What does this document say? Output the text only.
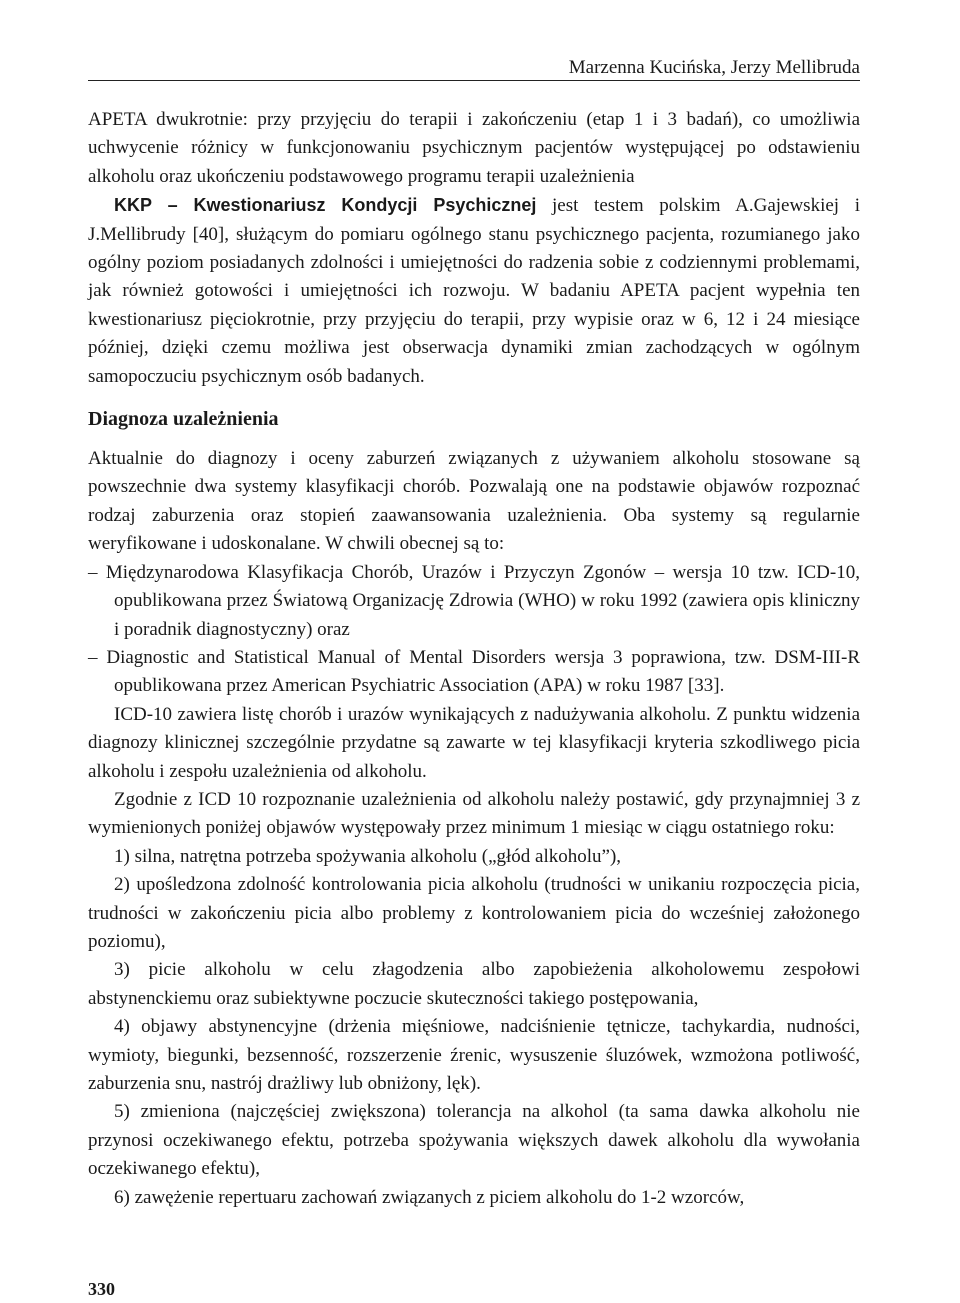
Marzenna Kucińska, Jerzy Mellibruda

APETA dwukrotnie: przy przyjęciu do terapii i zakończeniu (etap 1 i 3 badań), co umożliwia uchwycenie różnicy w funkcjonowaniu psychicznym pacjentów występującej po odstawieniu alkoholu oraz ukończeniu podstawowego programu terapii uzależnienia

KKP – Kwestionariusz Kondycji Psychicznej jest testem polskim A.Gajewskiej i J.Mellibrudy [40], służącym do pomiaru ogólnego stanu psychicznego pacjenta, rozumianego jako ogólny poziom posiadanych zdolności i umiejętności do radzenia sobie z codziennymi problemami, jak również gotowości i umiejętności ich rozwoju. W badaniu APETA pacjent wypełnia ten kwestionariusz pięciokrotnie, przy przyjęciu do terapii, przy wypisie oraz w 6, 12 i 24 miesiące później, dzięki czemu możliwa jest obserwacja dynamiki zmian zachodzących w ogólnym samopoczuciu psychicznym osób badanych.

Diagnoza uzależnienia

Aktualnie do diagnozy i oceny zaburzeń związanych z używaniem alkoholu stosowane są powszechnie dwa systemy klasyfikacji chorób. Pozwalają one na podstawie objawów rozpoznać rodzaj zaburzenia oraz stopień zaawansowania uzależnienia. Oba systemy są regularnie weryfikowane i udoskonalane. W chwili obecnej są to:

– Międzynarodowa Klasyfikacja Chorób, Urazów i Przyczyn Zgonów – wersja 10 tzw. ICD-10, opublikowana przez Światową Organizację Zdrowia (WHO) w roku 1992 (zawiera opis kliniczny i poradnik diagnostyczny) oraz

– Diagnostic and Statistical Manual of Mental Disorders wersja 3 poprawiona, tzw. DSM-III-R opublikowana przez American Psychiatric Association (APA) w roku 1987 [33].

ICD-10 zawiera listę chorób i urazów wynikających z nadużywania alkoholu. Z punktu widzenia diagnozy klinicznej szczególnie przydatne są zawarte w tej klasyfikacji kryteria szkodliwego picia alkoholu i zespołu uzależnienia od alkoholu.

Zgodnie z ICD 10 rozpoznanie uzależnienia od alkoholu należy postawić, gdy przynajmniej 3 z wymienionych poniżej objawów występowały przez minimum 1 miesiąc w ciągu ostatniego roku:

1) silna, natrętna potrzeba spożywania alkoholu („głód alkoholu”),

2) upośledzona zdolność kontrolowania picia alkoholu (trudności w unikaniu rozpoczęcia picia, trudności w zakończeniu picia albo problemy z kontrolowaniem picia do wcześniej założonego poziomu),

3) picie alkoholu w celu złagodzenia albo zapobieżenia alkoholowemu zespołowi abstynenckiemu oraz subiektywne poczucie skuteczności takiego postępowania,

4) objawy abstynencyjne (drżenia mięśniowe, nadciśnienie tętnicze, tachykardia, nudności, wymioty, biegunki, bezsenność, rozszerzenie źrenic, wysuszenie śluzówek, wzmożona potliwość, zaburzenia snu, nastrój drażliwy lub obniżony, lęk).

5) zmieniona (najczęściej zwiększona) tolerancja na alkohol (ta sama dawka alkoholu nie przynosi oczekiwanego efektu, potrzeba spożywania większych dawek alkoholu dla wywołania oczekiwanego efektu),

6) zawężenie repertuaru zachowań związanych z piciem alkoholu do 1-2 wzorców,

330
